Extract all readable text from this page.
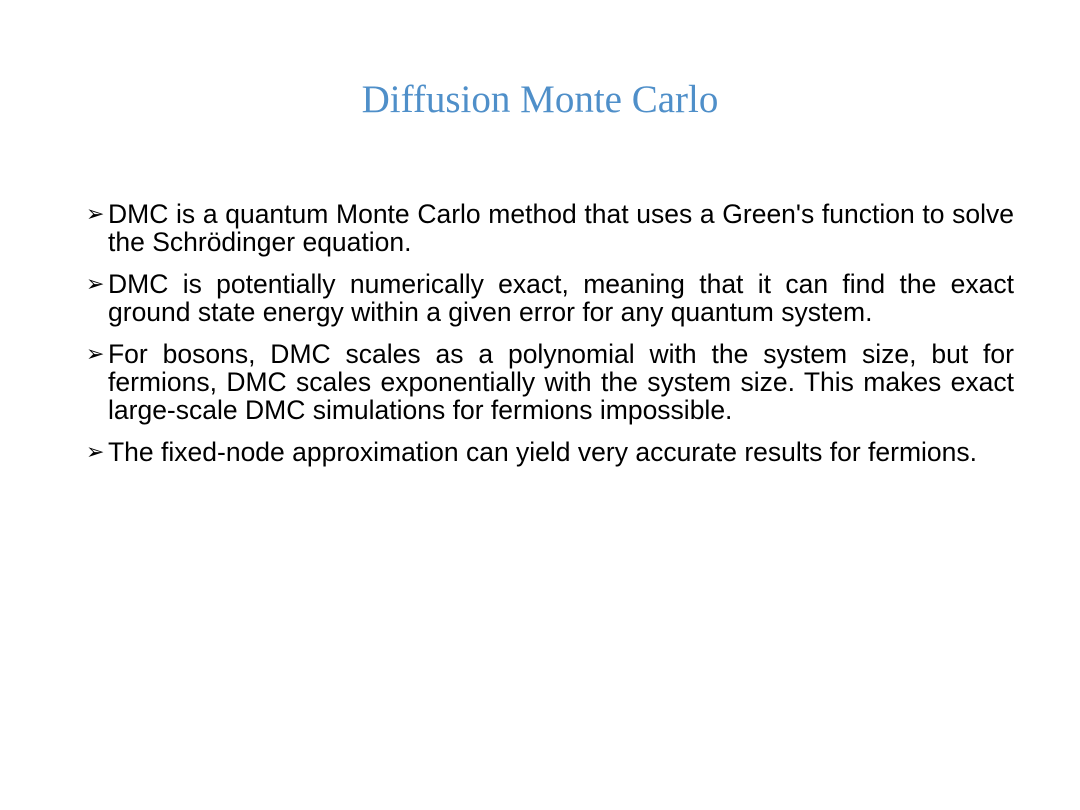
Diffusion Monte Carlo
➢ DMC is a quantum Monte Carlo method that uses a Green's function to solve the Schrödinger equation.
➢ DMC is potentially numerically exact, meaning that it can find the exact ground state energy within a given error for any quantum system.
➢ For bosons, DMC scales as a polynomial with the system size, but for fermions, DMC scales exponentially with the system size. This makes exact large-scale DMC simulations for fermions impossible.
➢ The fixed-node approximation can yield very accurate results for fermions.
